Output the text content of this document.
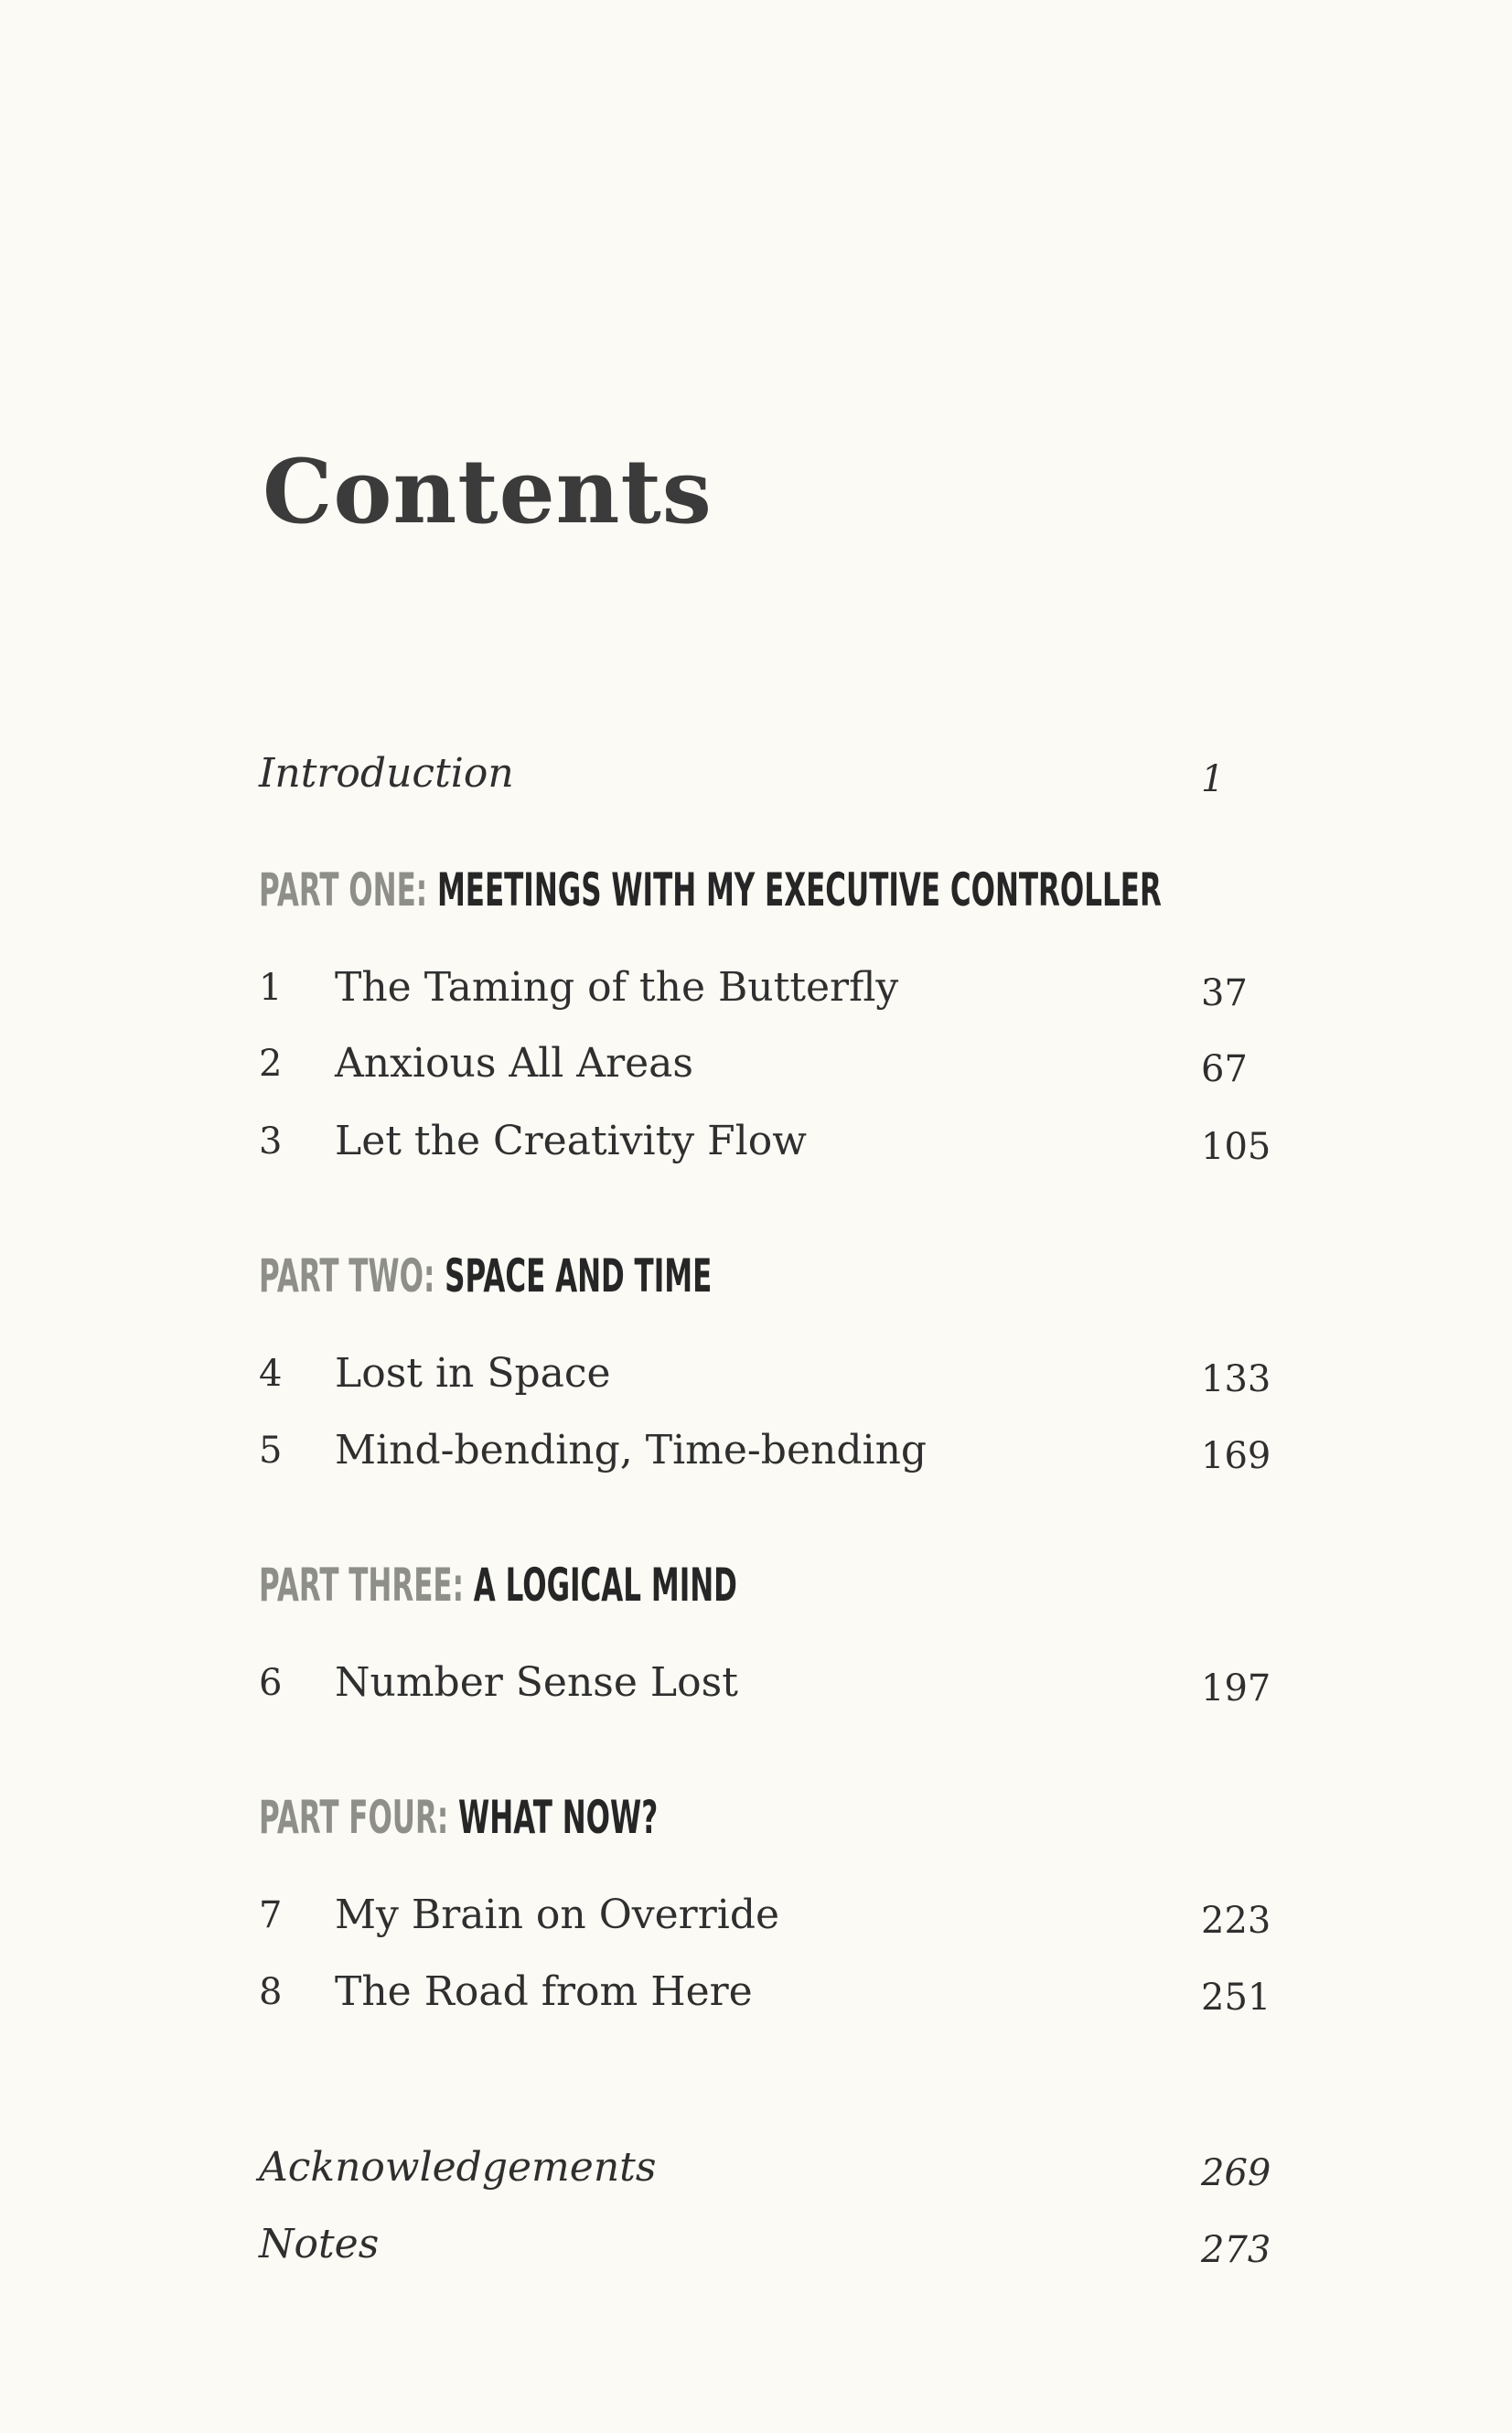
Contents
Introduction	1
PART ONE: MEETINGS WITH MY EXECUTIVE CONTROLLER
1 The Taming of the Butterfly	37
2 Anxious All Areas	67
3 Let the Creativity Flow	105
PART TWO: SPACE AND TIME
4 Lost in Space	133
5 Mind-bending, Time-bending	169
PART THREE: A LOGICAL MIND
6 Number Sense Lost	197
PART FOUR: WHAT NOW?
7 My Brain on Override	223
8 The Road from Here	251
Acknowledgements	269
Notes	273
